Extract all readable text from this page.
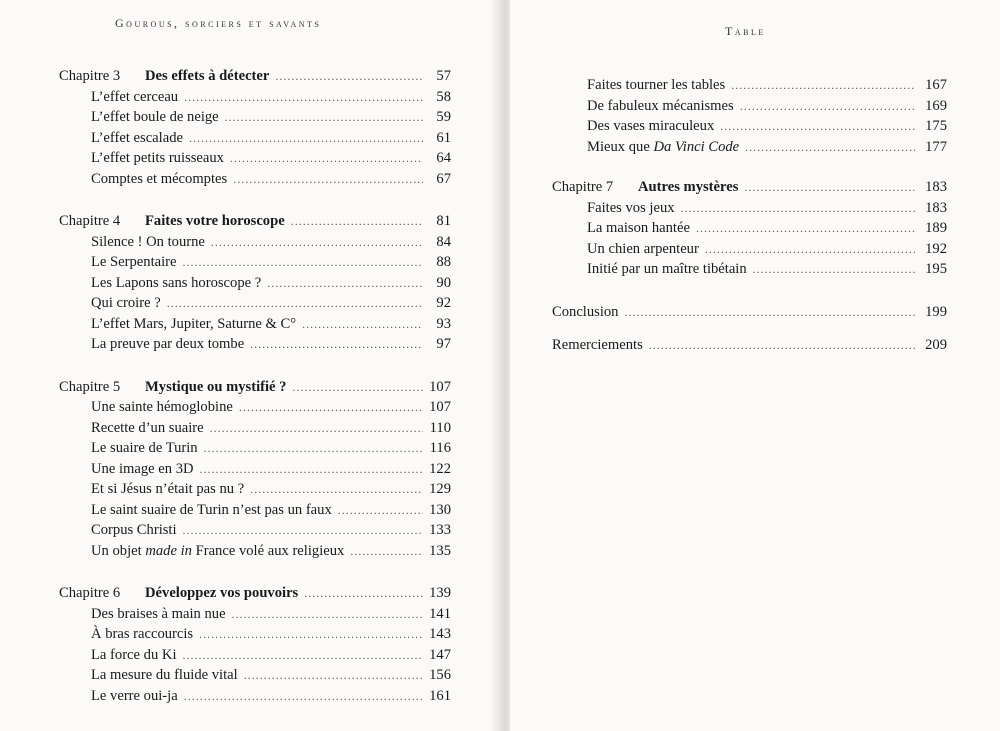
Gourous, sorciers et savants
Chapitre 3 Des effets à détecter .....	57
L’effet cerceau .....	58
L’effet boule de neige .....	59
L’effet escalade .....	61
L’effet petits ruisseaux .....	64
Comptes et mécomptes .....	67
Chapitre 4 Faites votre horoscope .....	81
Silence ! On tourne .....	84
Le Serpentaire .....	88
Les Lapons sans horoscope ? .....	90
Qui croire ? .....	92
L’effet Mars, Jupiter, Saturne & C° .....	93
La preuve par deux tombe .....	97
Chapitre 5 Mystique ou mystifié ? .....	107
Une sainte hémoglobine .....	107
Recette d’un suaire .....	110
Le suaire de Turin .....	116
Une image en 3D .....	122
Et si Jésus n’était pas nu ? .....	129
Le saint suaire de Turin n’est pas un faux .....	130
Corpus Christi .....	133
Un objet made in France volé aux religieux .....	135
Chapitre 6 Développez vos pouvoirs .....	139
Des braises à main nue .....	141
À bras raccourcis .....	143
La force du Ki .....	147
La mesure du fluide vital .....	156
Le verre oui-ja .....	161
Table
Faites tourner les tables .....	167
De fabuleux mécanismes .....	169
Des vases miraculeux .....	175
Mieux que Da Vinci Code .....	177
Chapitre 7 Autres mystères .....	183
Faites vos jeux .....	183
La maison hantée .....	189
Un chien arpenteur .....	192
Initié par un maître tibétain .....	195
Conclusion .....	199
Remerciements .....	209
